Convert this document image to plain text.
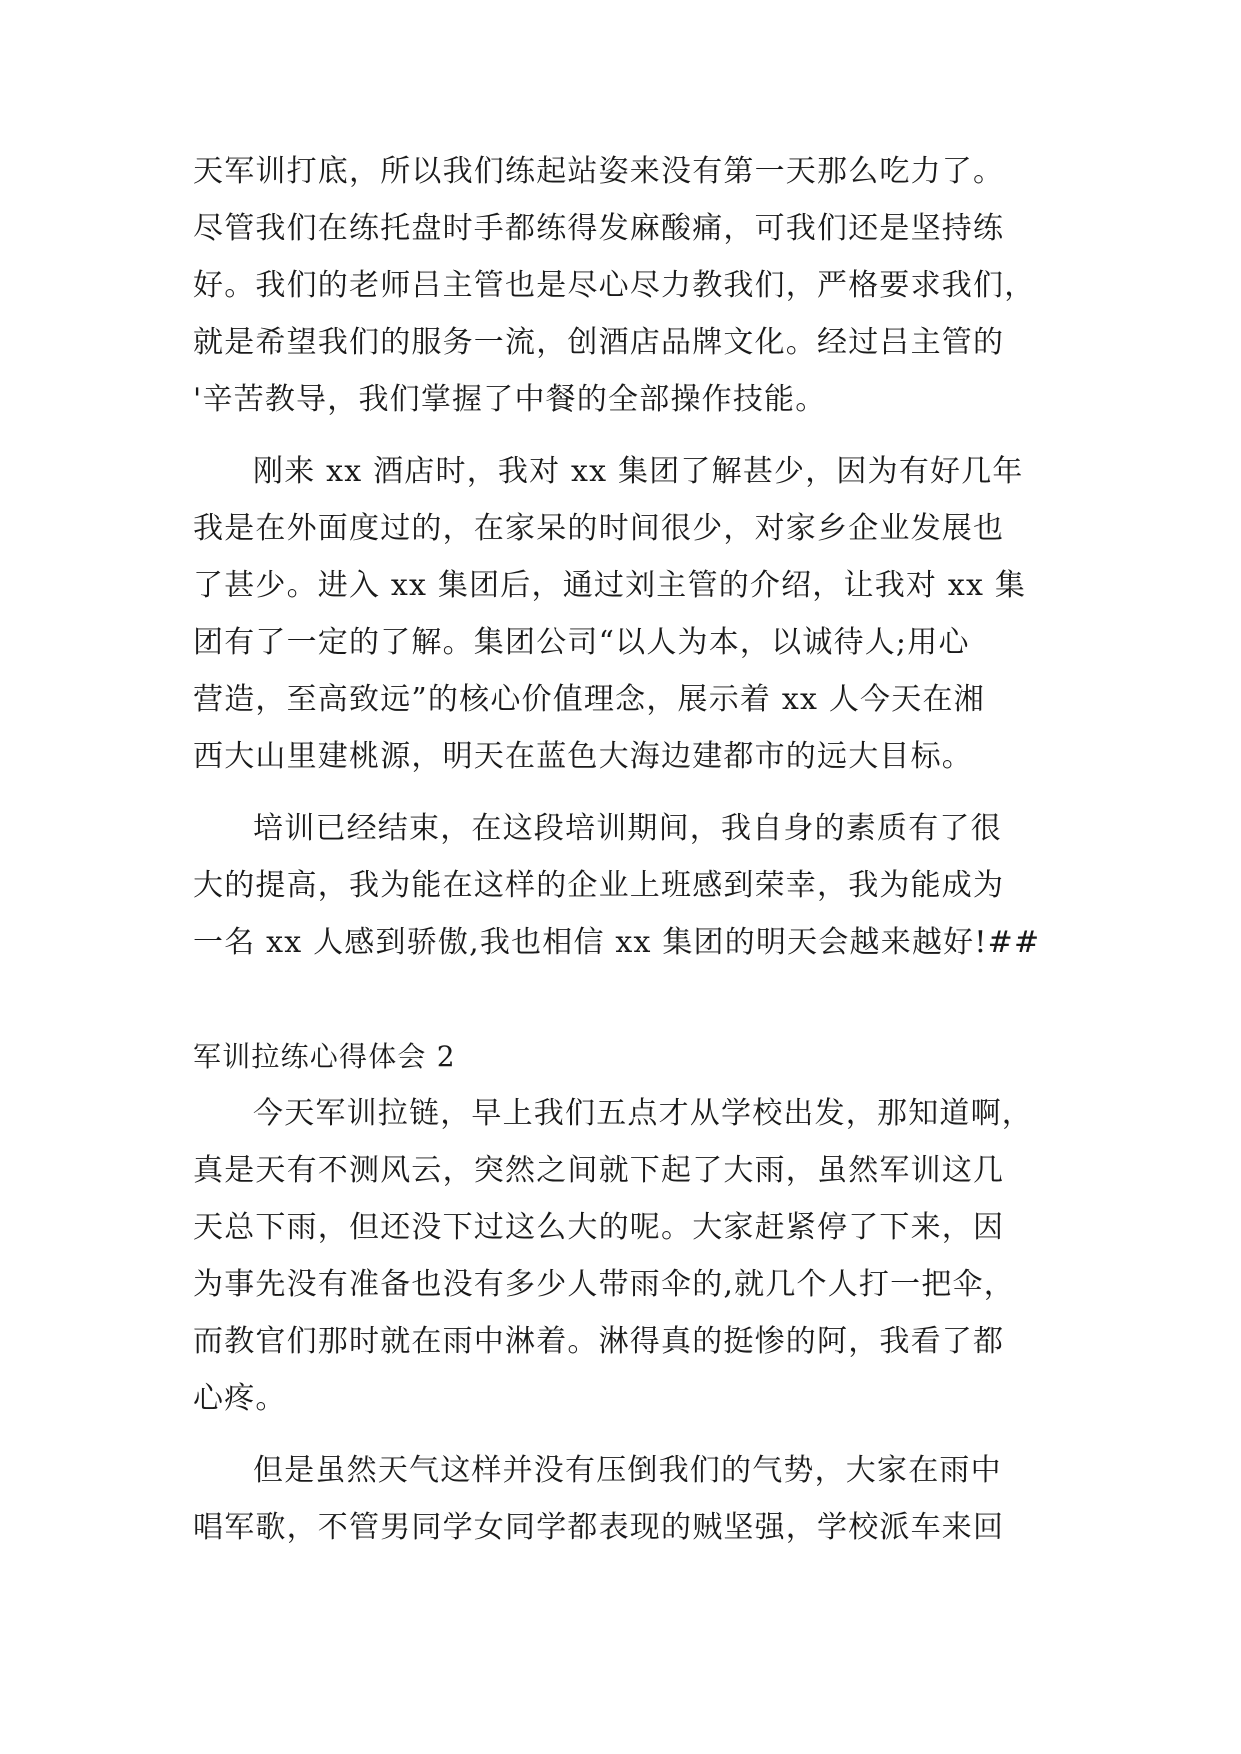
天军训打底，所以我们练起站姿来没有第一天那么吃力了。
尽管我们在练托盘时手都练得发麻酸痛，可我们还是坚持练
好。我们的老师吕主管也是尽心尽力教我们，严格要求我们，
就是希望我们的服务一流，创酒店品牌文化。经过吕主管的
'辛苦教导，我们掌握了中餐的全部操作技能。
刚来 xx 酒店时，我对 xx 集团了解甚少，因为有好几年
我是在外面度过的，在家呆的时间很少，对家乡企业发展也
了甚少。进入 xx 集团后，通过刘主管的介绍，让我对 xx 集
团有了一定的了解。集团公司“以人为本，以诚待人;用心
营造，至高致远”的核心价值理念，展示着 xx 人今天在湘
西大山里建桃源，明天在蓝色大海边建都市的远大目标。
培训已经结束，在这段培训期间，我自身的素质有了很
大的提高，我为能在这样的企业上班感到荣幸，我为能成为
一名 xx 人感到骄傲,我也相信 xx 集团的明天会越来越好!##
军训拉练心得体会 2
今天军训拉链，早上我们五点才从学校出发，那知道啊，
真是天有不测风云，突然之间就下起了大雨，虽然军训这几
天总下雨，但还没下过这么大的呢。大家赶紧停了下来，因
为事先没有准备也没有多少人带雨伞的,就几个人打一把伞，
而教官们那时就在雨中淋着。淋得真的挺惨的阿，我看了都
心疼。
但是虽然天气这样并没有压倒我们的气势，大家在雨中
唱军歌，不管男同学女同学都表现的贼坚强，学校派车来回
